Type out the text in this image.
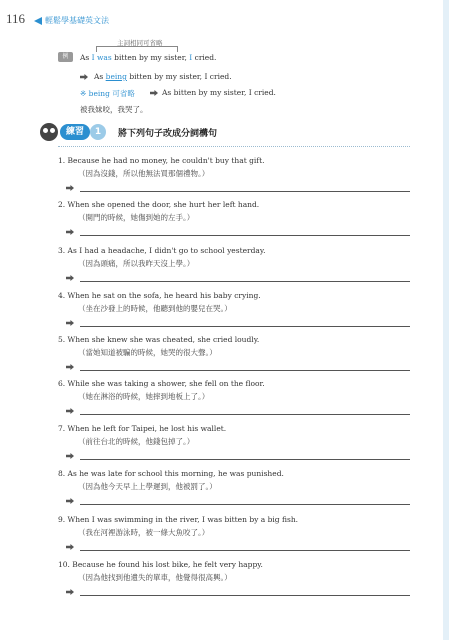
116 輕鬆學基礎英文法
主詞相同可省略
例	As I was bitten by my sister, I cried.
As being bitten by my sister, I cried.
※ being 可省略	As bitten by my sister, I cried.
被我妹咬，我哭了。
練習	1	將下列句子改成分詞構句
1. Because he had no money, he couldn't buy that gift.
（因為沒錢，所以他無法買那個禮物。）
2. When she opened the door, she hurt her left hand.
（開門的時候，她傷到她的左手。）
3. As I had a headache, I didn't go to school yesterday.
（因為頭痛，所以我昨天沒上學。）
4. When he sat on the sofa, he heard his baby crying.
（坐在沙發上的時候，他聽到他的嬰兒在哭。）
5. When she knew she was cheated, she cried loudly.
（當她知道被騙的時候，她哭的很大聲。）
6. While she was taking a shower, she fell on the floor.
（她在淋浴的時候，她摔到地板上了。）
7. When he left for Taipei, he lost his wallet.
（前往台北的時候，他錢包掉了。）
8. As he was late for school this morning, he was punished.
（因為他今天早上上學遲到，他被罰了。）
9. When I was swimming in the river, I was bitten by a big fish.
（我在河裡游泳時，被一條大魚咬了。）
10. Because he found his lost bike, he felt very happy.
（因為他找到他遺失的單車，他覺得很高興。）
